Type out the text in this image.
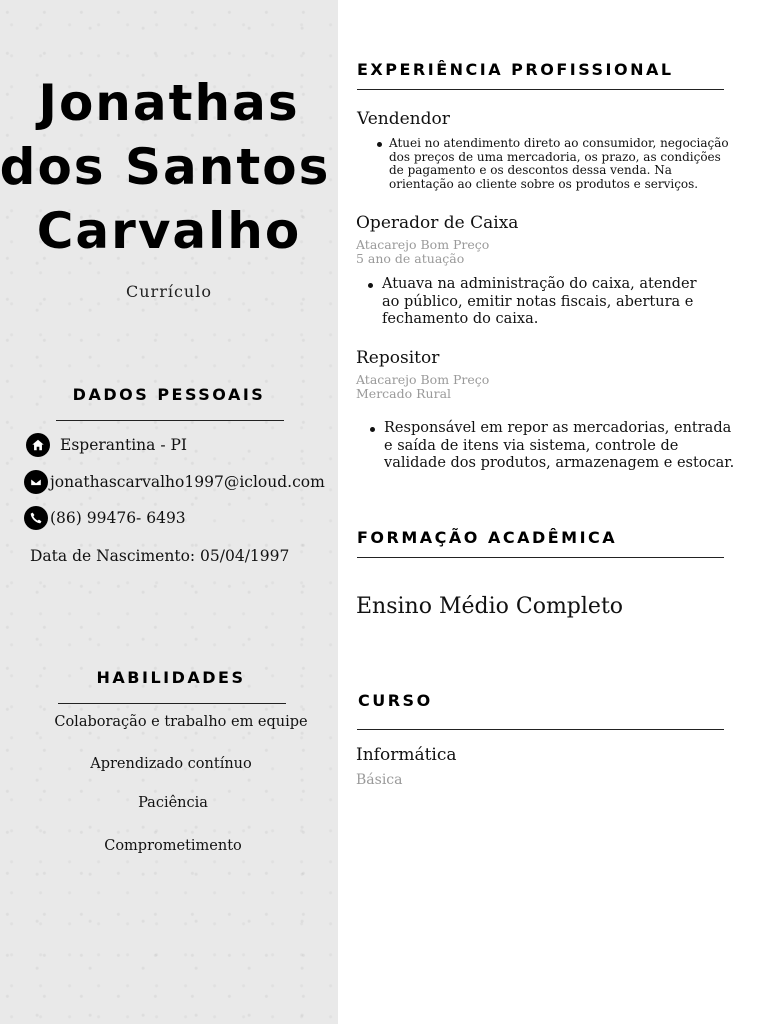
Jonathas
dos Santos
Carvalho
Currículo
DADOS PESSOAIS
Esperantina - PI
jonathascarvalho1997@icloud.com
(86) 99476- 6493
Data de Nascimento: 05/04/1997
HABILIDADES
Colaboração e trabalho em equipe
Aprendizado contínuo
Paciência
Comprometimento
EXPERIÊNCIA PROFISSIONAL
Vendendor
Atuei no atendimento direto ao consumidor, negociação dos preços de uma mercadoria, os prazo, as condições de pagamento e os descontos dessa venda. Na orientação ao cliente sobre os produtos e serviços.
Operador de Caixa
Atacarejo Bom Preço
5 ano de atuação
Atuava na administração do caixa, atender ao público, emitir notas fiscais, abertura e fechamento do caixa.
Repositor
Atacarejo Bom Preço
Mercado Rural
Responsável em repor as mercadorias, entrada e saída de itens via sistema, controle de validade dos produtos, armazenagem e estocar.
FORMAÇÃO ACADÊMICA
Ensino Médio Completo
CURSO
Informática
Básica
